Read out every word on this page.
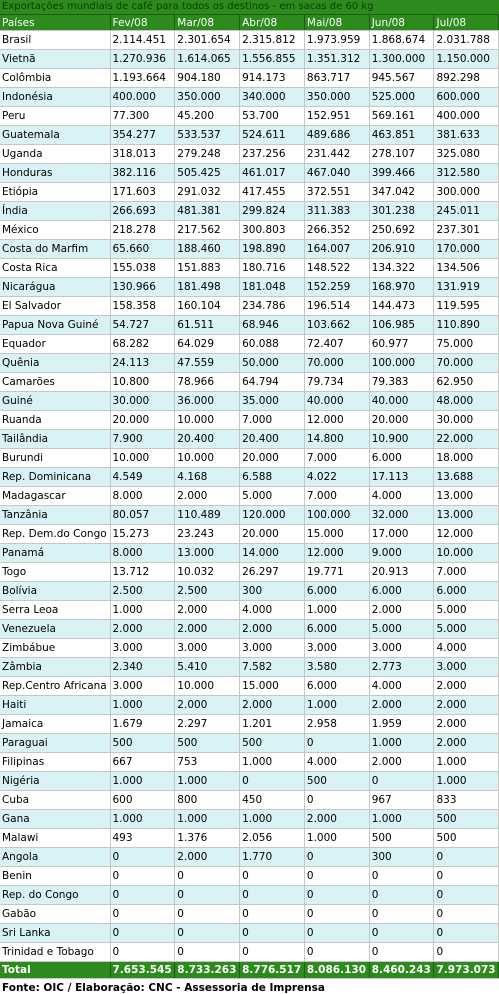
Exportações mundiais de café para todos os destinos - em sacas de 60 kg
Países	Fev/08	Mar/08	Abr/08	Mai/08	Jun/08	Jul/08
Brasil	2.114.451	2.301.654	2.315.812	1.973.959	1.868.674	2.031.788
Vietnã	1.270.936	1.614.065	1.556.855	1.351.312	1.300.000	1.150.000
Colômbia	1.193.664	904.180	914.173	863.717	945.567	892.298
Indonésia	400.000	350.000	340.000	350.000	525.000	600.000
Peru	77.300	45.200	53.700	152.951	569.161	400.000
Guatemala	354.277	533.537	524.611	489.686	463.851	381.633
Uganda	318.013	279.248	237.256	231.442	278.107	325.080
Honduras	382.116	505.425	461.017	467.040	399.466	312.580
Etiópia	171.603	291.032	417.455	372.551	347.042	300.000
Índia	266.693	481.381	299.824	311.383	301.238	245.011
México	218.278	217.562	300.803	266.352	250.692	237.301
Costa do Marfim	65.660	188.460	198.890	164.007	206.910	170.000
Costa Rica	155.038	151.883	180.716	148.522	134.322	134.506
Nicarágua	130.966	181.498	181.048	152.259	168.970	131.919
El Salvador	158.358	160.104	234.786	196.514	144.473	119.595
Papua Nova Guiné	54.727	61.511	68.946	103.662	106.985	110.890
Equador	68.282	64.029	60.088	72.407	60.977	75.000
Quênia	24.113	47.559	50.000	70.000	100.000	70.000
Camarões	10.800	78.966	64.794	79.734	79.383	62.950
Guiné	30.000	36.000	35.000	40.000	40.000	48.000
Ruanda	20.000	10.000	7.000	12.000	20.000	30.000
Tailândia	7.900	20.400	20.400	14.800	10.900	22.000
Burundi	10.000	10.000	20.000	7.000	6.000	18.000
Rep. Dominicana	4.549	4.168	6.588	4.022	17.113	13.688
Madagascar	8.000	2.000	5.000	7.000	4.000	13.000
Tanzânia	80.057	110.489	120.000	100.000	32.000	13.000
Rep. Dem.do Congo	15.273	23.243	20.000	15.000	17.000	12.000
Panamá	8.000	13.000	14.000	12.000	9.000	10.000
Togo	13.712	10.032	26.297	19.771	20.913	7.000
Bolívia	2.500	2.500	300	6.000	6.000	6.000
Serra Leoa	1.000	2.000	4.000	1.000	2.000	5.000
Venezuela	2.000	2.000	2.000	6.000	5.000	5.000
Zimbábue	3.000	3.000	3.000	3.000	3.000	4.000
Zâmbia	2.340	5.410	7.582	3.580	2.773	3.000
Rep.Centro Africana	3.000	10.000	15.000	6.000	4.000	2.000
Haiti	1.000	2.000	2.000	1.000	2.000	2.000
Jamaica	1.679	2.297	1.201	2.958	1.959	2.000
Paraguai	500	500	500	0	1.000	2.000
Filipinas	667	753	1.000	4.000	2.000	1.000
Nigéria	1.000	1.000	0	500	0	1.000
Cuba	600	800	450	0	967	833
Gana	1.000	1.000	1.000	2.000	1.000	500
Malawi	493	1.376	2.056	1.000	500	500
Angola	0	2.000	1.770	0	300	0
Benin	0	0	0	0	0	0
Rep. do Congo	0	0	0	0	0	0
Gabão	0	0	0	0	0	0
Sri Lanka	0	0	0	0	0	0
Trinidad e Tobago	0	0	0	0	0	0
Total	7.653.545	8.733.263	8.776.517	8.086.130	8.460.243	7.973.073
Fonte: OIC / Elaboração: CNC - Assessoria de Imprensa
